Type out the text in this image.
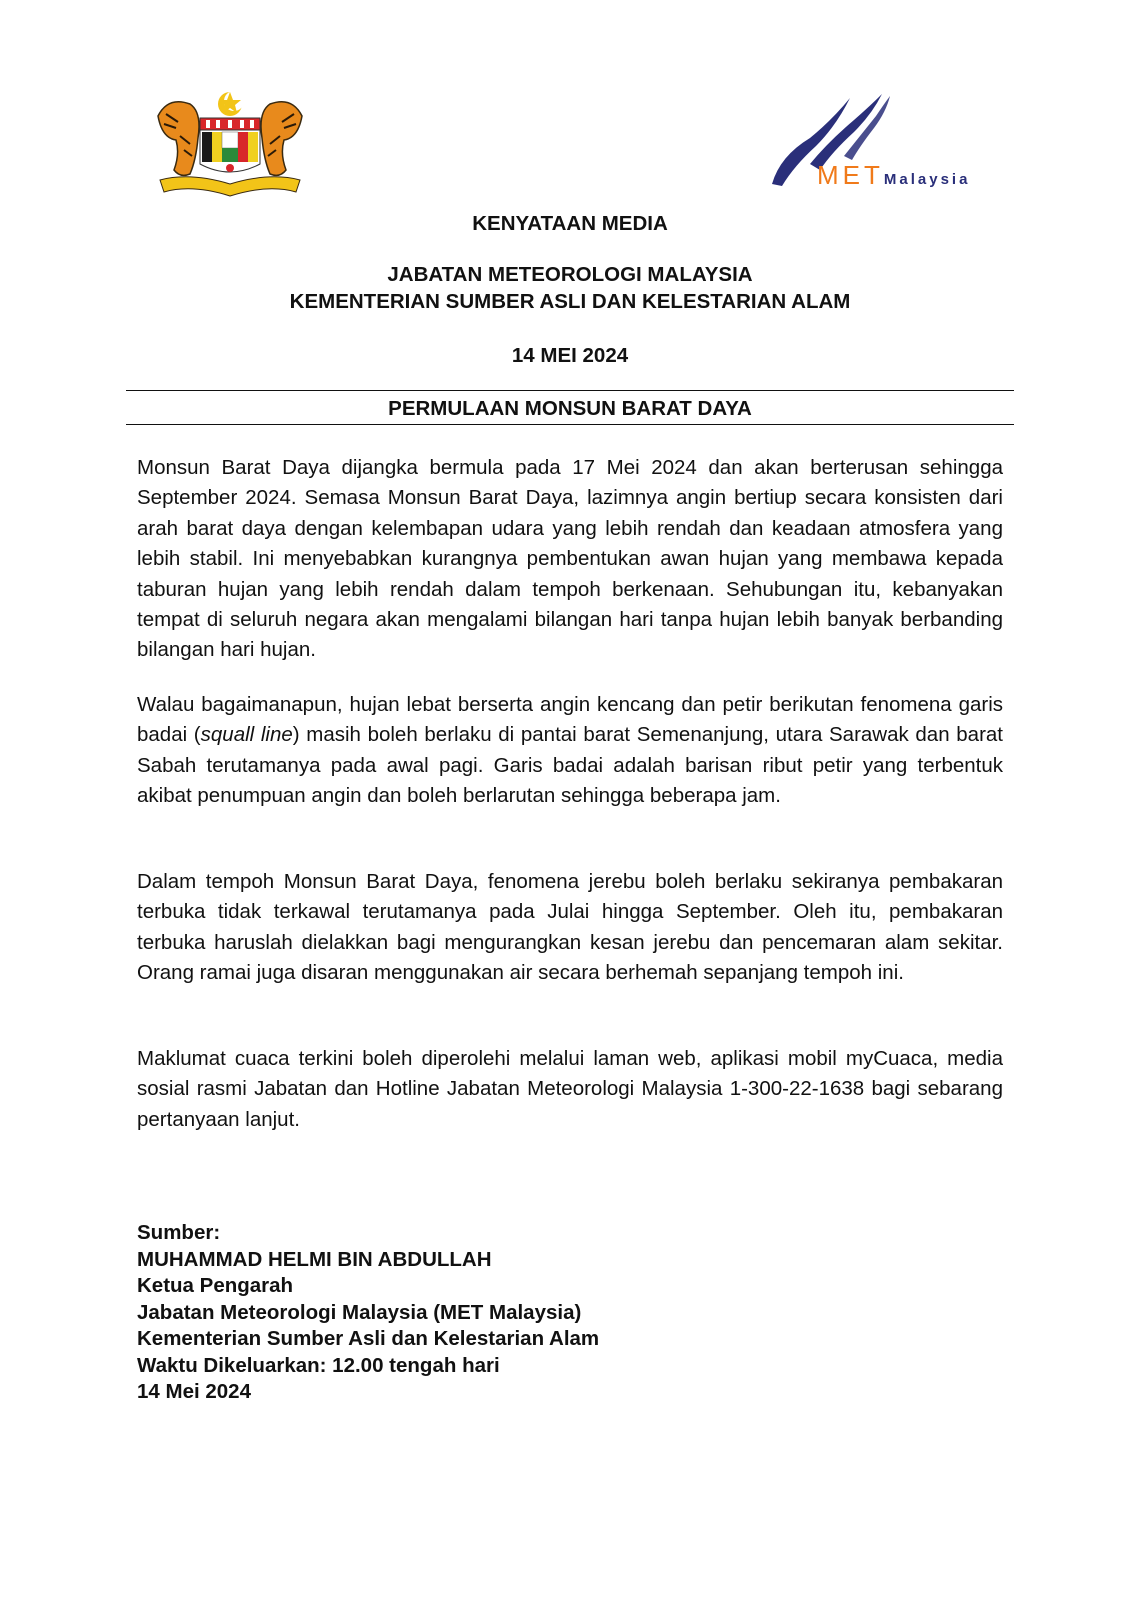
METMalaysia
KENYATAAN MEDIA
JABATAN METEOROLOGI MALAYSIA
KEMENTERIAN SUMBER ASLI DAN KELESTARIAN ALAM
14 MEI 2024
PERMULAAN MONSUN BARAT DAYA

Monsun Barat Daya dijangka bermula pada 17 Mei 2024 dan akan berterusan sehingga September 2024. Semasa Monsun Barat Daya, lazimnya angin bertiup secara konsisten dari arah barat daya dengan kelembapan udara yang lebih rendah dan keadaan atmosfera yang lebih stabil. Ini menyebabkan kurangnya pembentukan awan hujan yang membawa kepada taburan hujan yang lebih rendah dalam tempoh berkenaan. Sehubungan itu, kebanyakan tempat di seluruh negara akan mengalami bilangan hari tanpa hujan lebih banyak berbanding bilangan hari hujan.

Walau bagaimanapun, hujan lebat berserta angin kencang dan petir berikutan fenomena garis badai (squall line) masih boleh berlaku di pantai barat Semenanjung, utara Sarawak dan barat Sabah terutamanya pada awal pagi. Garis badai adalah barisan ribut petir yang terbentuk akibat penumpuan angin dan boleh berlarutan sehingga beberapa jam.

Dalam tempoh Monsun Barat Daya, fenomena jerebu boleh berlaku sekiranya pembakaran terbuka tidak terkawal terutamanya pada Julai hingga September. Oleh itu, pembakaran terbuka haruslah dielakkan bagi mengurangkan kesan jerebu dan pencemaran alam sekitar. Orang ramai juga disaran menggunakan air secara berhemah sepanjang tempoh ini.

Maklumat cuaca terkini boleh diperolehi melalui laman web, aplikasi mobil myCuaca, media sosial rasmi Jabatan dan Hotline Jabatan Meteorologi Malaysia 1-300-22-1638 bagi sebarang pertanyaan lanjut.

Sumber:
MUHAMMAD HELMI BIN ABDULLAH
Ketua Pengarah
Jabatan Meteorologi Malaysia (MET Malaysia)
Kementerian Sumber Asli dan Kelestarian Alam
Waktu Dikeluarkan: 12.00 tengah hari
14 Mei 2024
